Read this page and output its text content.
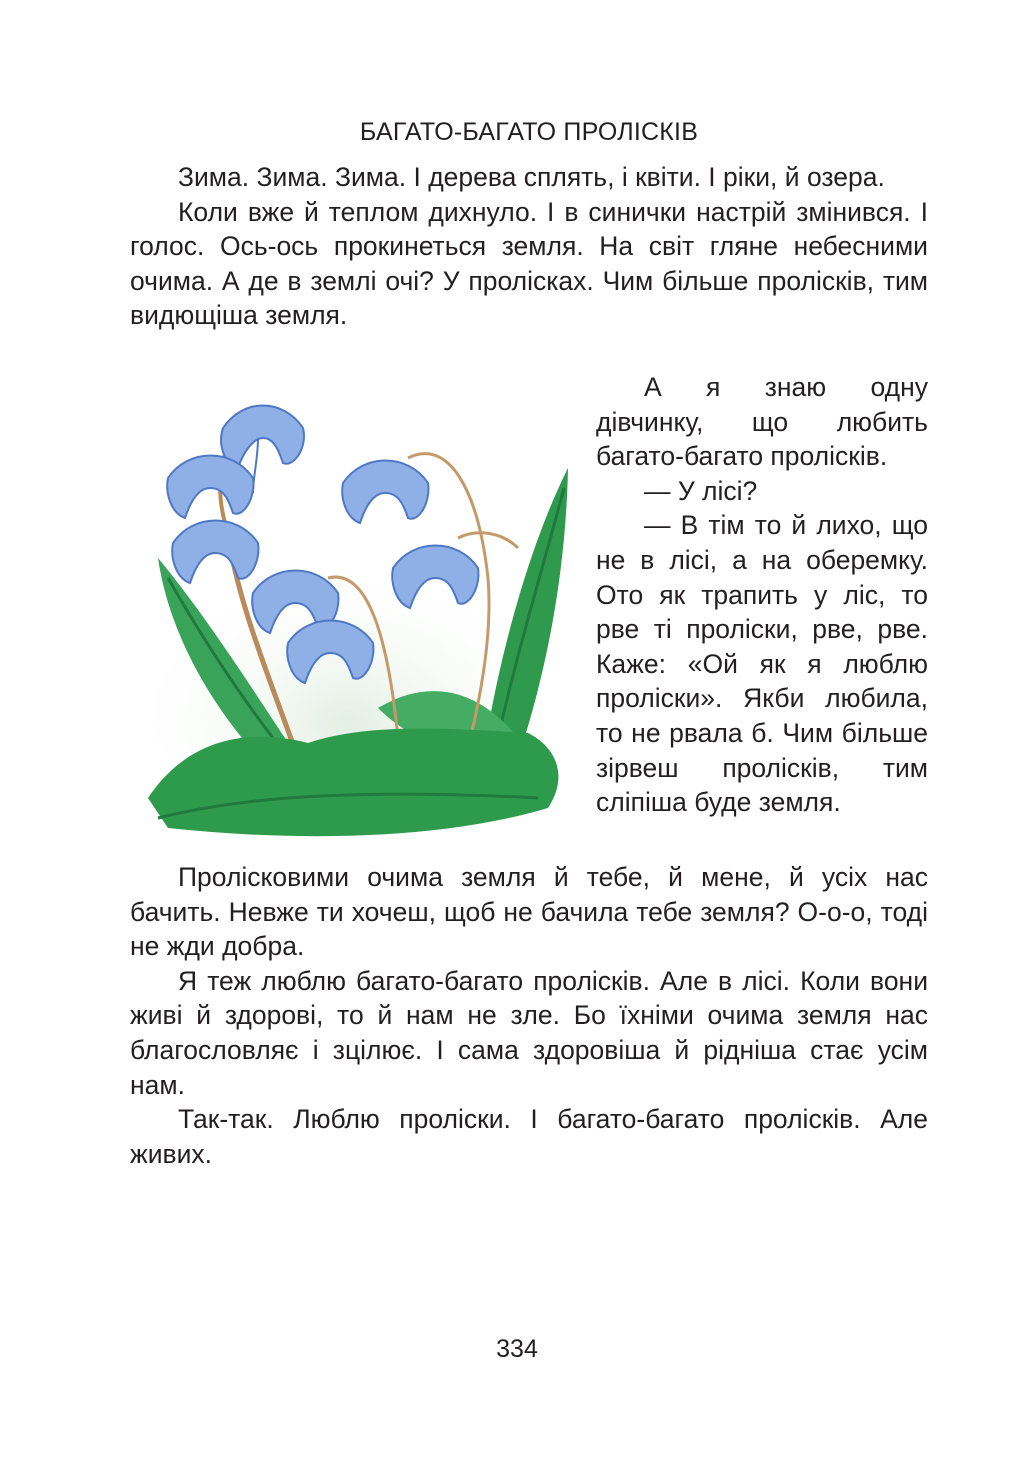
БАГАТО-БАГАТО ПРОЛІСКІВ

Зима. Зима. Зима. І дерева сплять, і квіти. І ріки, й озера.

Коли вже й теплом дихнуло. І в синички настрій змінився. І голос. Ось-ось прокинеться земля. На світ гляне небесними очима. А де в землі очі? У пролісках. Чим більше пролісків, тим видющіша земля.

А я знаю одну дівчинку, що любить багато-багато пролісків.

— У лісі?

— В тім то й лихо, що не в лісі, а на оберемку. Ото як трапить у ліс, то рве ті проліски, рве, рве. Каже: «Ой як я люблю проліски». Якби любила, то не рвала б. Чим більше зірвеш пролісків, тим сліпіша буде земля.

Пролісковими очима земля й тебе, й мене, й усіх нас бачить. Невже ти хочеш, щоб не бачила тебе земля? О-о-о, тоді не жди добра.

Я теж люблю багато-багато пролісків. Але в лісі. Коли вони живі й здорові, то й нам не зле. Бо їхніми очима земля нас благословляє і зцілює. І сама здоровіша й рідніша стає усім нам.

Так-так. Люблю проліски. І багато-багато пролісків. Але живих.

334
